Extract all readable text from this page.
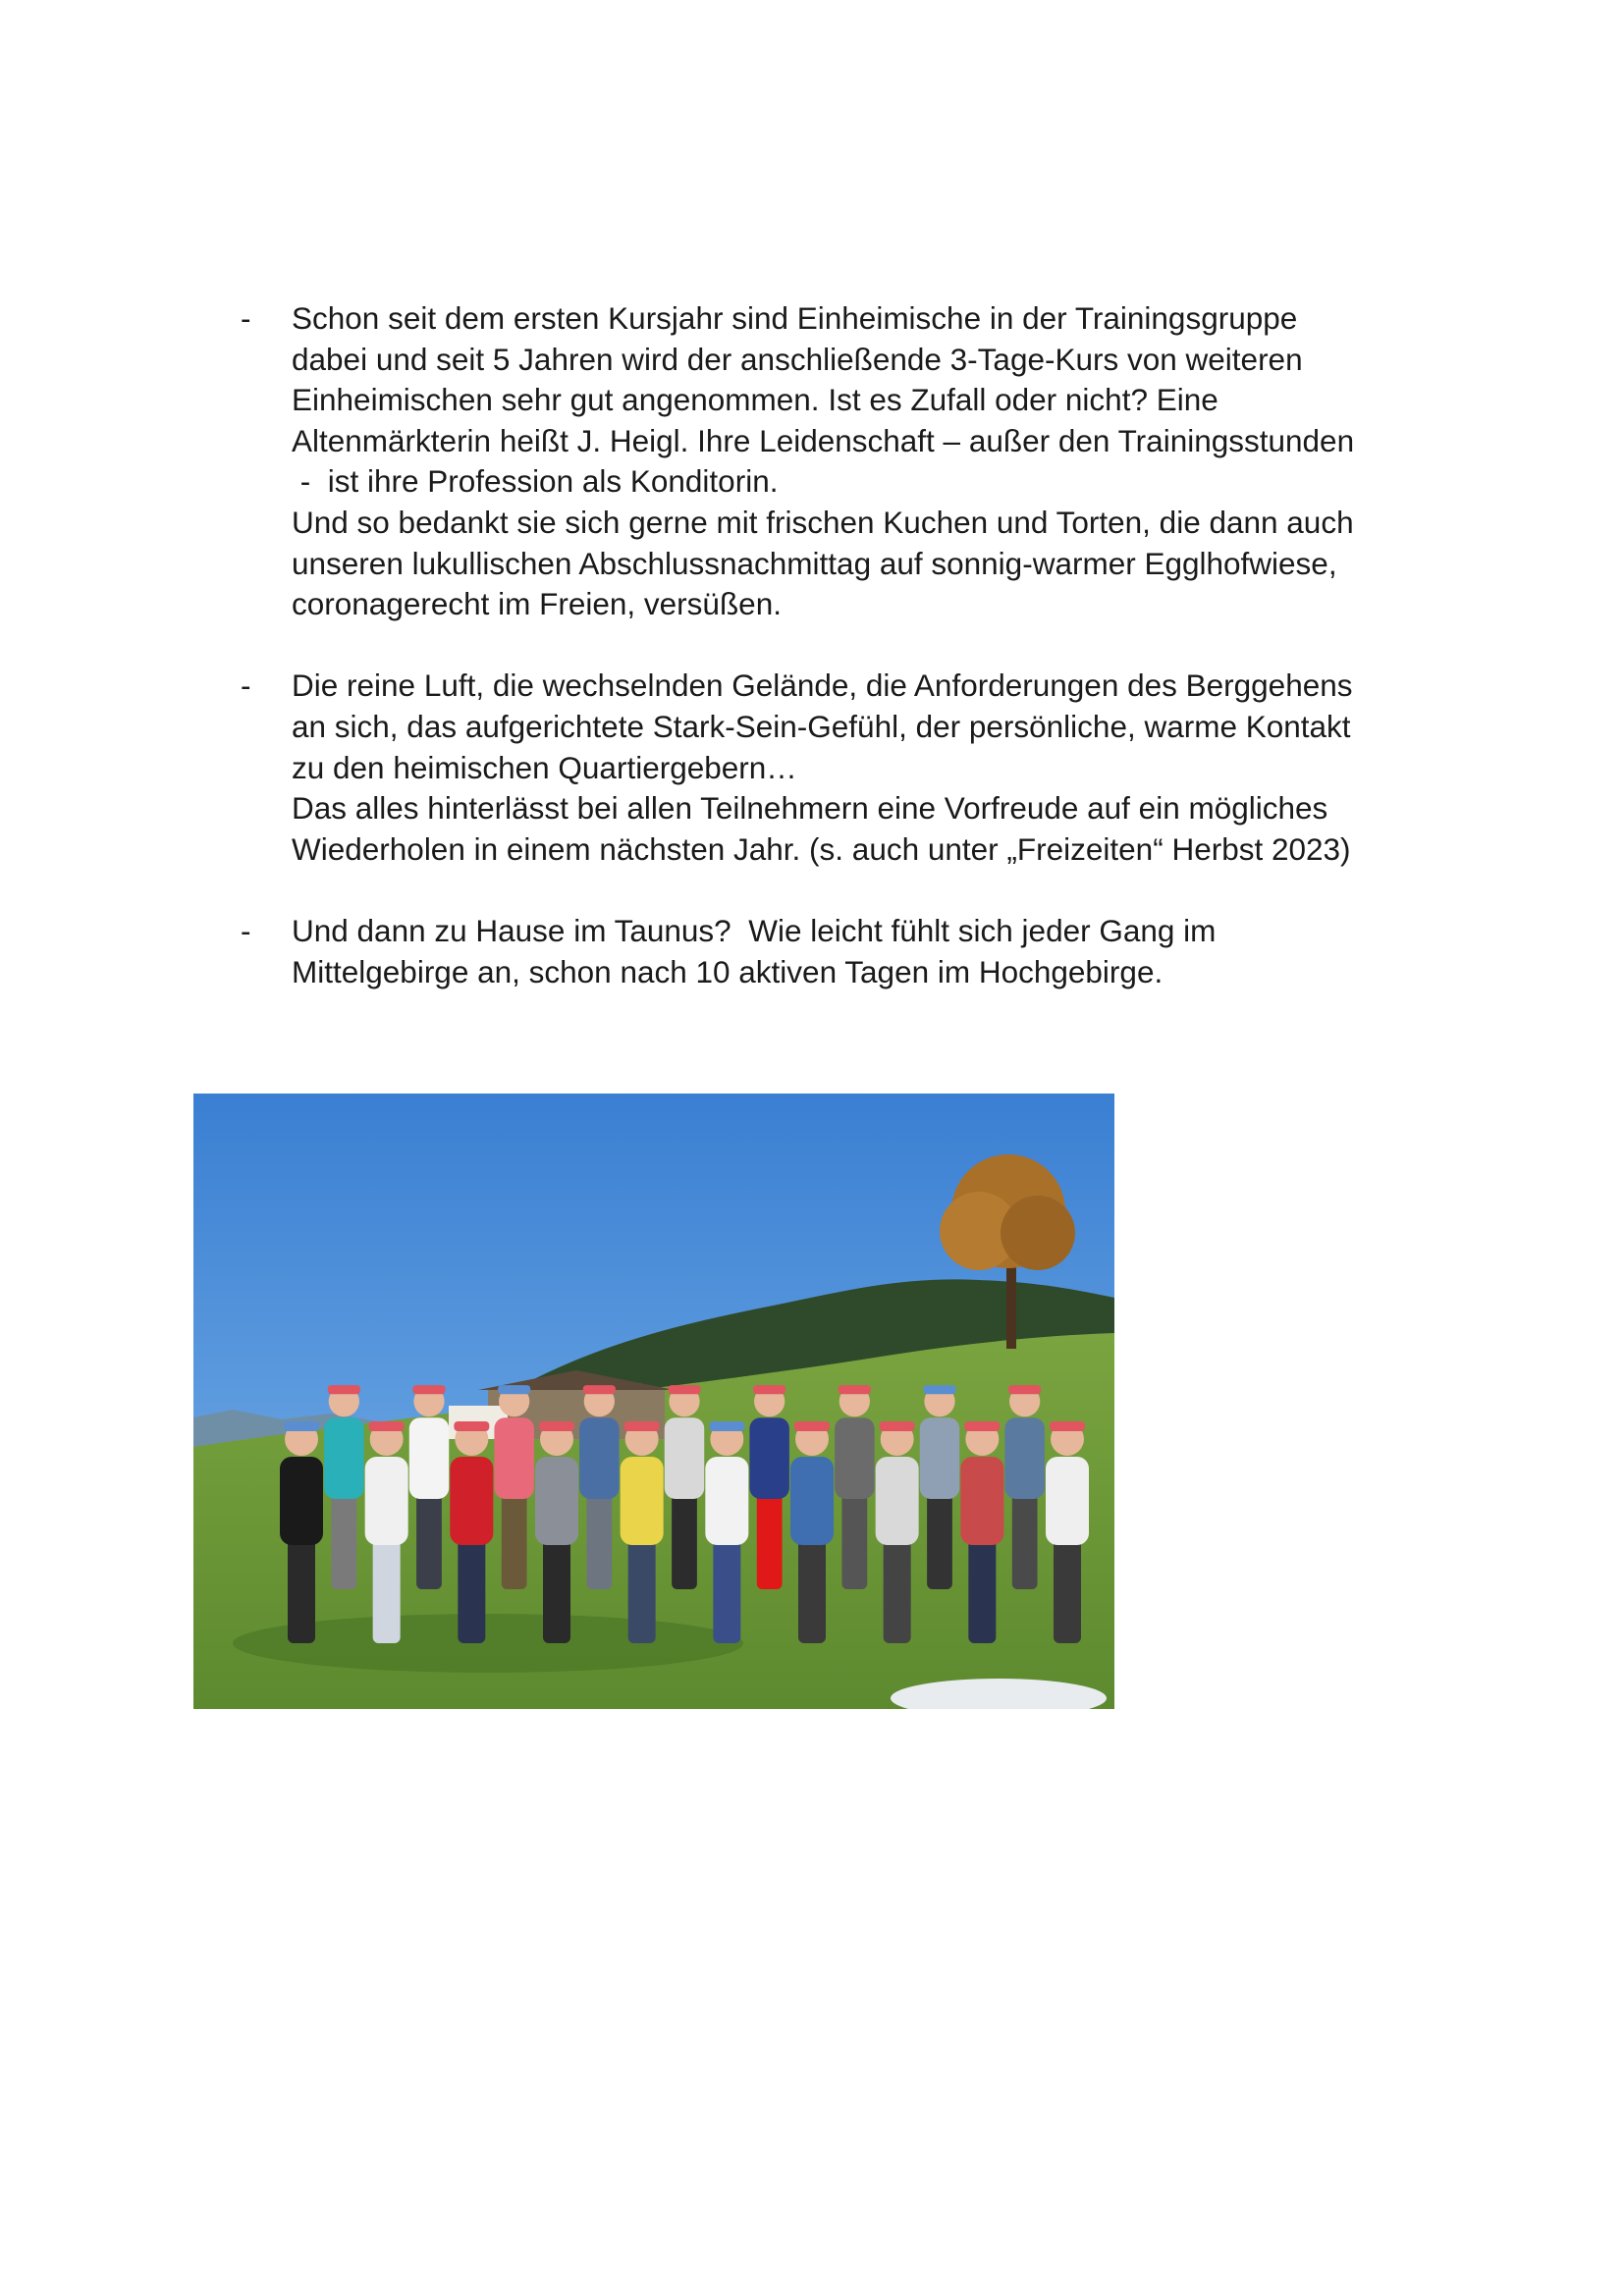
- Schon seit dem ersten Kursjahr sind Einheimische in der Trainingsgruppe
dabei und seit 5 Jahren wird der anschließende 3-Tage-Kurs von weiteren
Einheimischen sehr gut angenommen. Ist es Zufall oder nicht? Eine
Altenmärkterin heißt J. Heigl. Ihre Leidenschaft – außer den Trainingsstunden
-  ist ihre Profession als Konditorin.
Und so bedankt sie sich gerne mit frischen Kuchen und Torten, die dann auch
unseren lukullischen Abschlussnachmittag auf sonnig-warmer Egglhofwiese,
coronagerecht im Freien, versüßen.
- Die reine Luft, die wechselnden Gelände, die Anforderungen des Berggehens
an sich, das aufgerichtete Stark-Sein-Gefühl, der persönliche, warme Kontakt
zu den heimischen Quartiergebern…
Das alles hinterlässt bei allen Teilnehmern eine Vorfreude auf ein mögliches
Wiederholen in einem nächsten Jahr. (s. auch unter „Freizeiten“ Herbst 2023)
- Und dann zu Hause im Taunus?  Wie leicht fühlt sich jeder Gang im
Mittelgebirge an, schon nach 10 aktiven Tagen im Hochgebirge.
